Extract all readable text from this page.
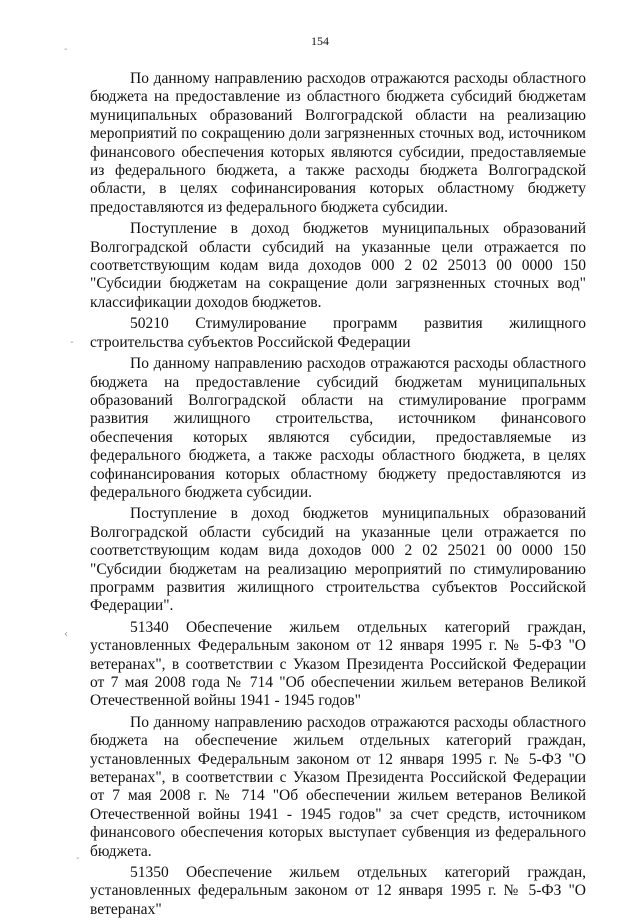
154
-
-
‹
-

По данному направлению расходов отражаются расходы областного бюджета на предоставление из областного бюджета субсидий бюджетам муниципальных образований Волгоградской области на реализацию мероприятий по сокращению доли загрязненных сточных вод, источником финансового обеспечения которых являются субсидии, предоставляемые из федерального бюджета, а также расходы бюджета Волгоградской области, в целях софинансирования которых областному бюджету предоставляются из федерального бюджета субсидии.

Поступление в доход бюджетов муниципальных образований Волгоградской области субсидий на указанные цели отражается по соответствующим кодам вида доходов 000 2 02 25013 00 0000 150 "Субсидии бюджетам на сокращение доли загрязненных сточных вод" классификации доходов бюджетов.

50210 Стимулирование программ развития жилищного строительства субъектов Российской Федерации

По данному направлению расходов отражаются расходы областного бюджета на предоставление субсидий бюджетам муниципальных образований Волгоградской области на стимулирование программ развития жилищного строительства, источником финансового обеспечения которых являются субсидии, предоставляемые из федерального бюджета, а также расходы областного бюджета, в целях софинансирования которых областному бюджету предоставляются из федерального бюджета субсидии.

Поступление в доход бюджетов муниципальных образований Волгоградской области субсидий на указанные цели отражается по соответствующим кодам вида доходов 000 2 02 25021 00 0000 150 "Субсидии бюджетам на реализацию мероприятий по стимулированию программ развития жилищного строительства субъектов Российской Федерации".

51340 Обеспечение жильем отдельных категорий граждан, установленных Федеральным законом от 12 января 1995 г. № 5-ФЗ "О ветеранах", в соответствии с Указом Президента Российской Федерации от 7 мая 2008 года № 714 "Об обеспечении жильем ветеранов Великой Отечественной войны 1941 - 1945 годов"

По данному направлению расходов отражаются расходы областного бюджета на обеспечение жильем отдельных категорий граждан, установленных Федеральным законом от 12 января 1995 г. № 5-ФЗ "О ветеранах", в соответствии с Указом Президента Российской Федерации от 7 мая 2008 г. № 714 "Об обеспечении жильем ветеранов Великой Отечественной войны 1941 - 1945 годов" за счет средств, источником финансового обеспечения которых выступает субвенция из федерального бюджета.

51350 Обеспечение жильем отдельных категорий граждан, установленных федеральным законом от 12 января 1995 г. № 5-ФЗ "О ветеранах"
